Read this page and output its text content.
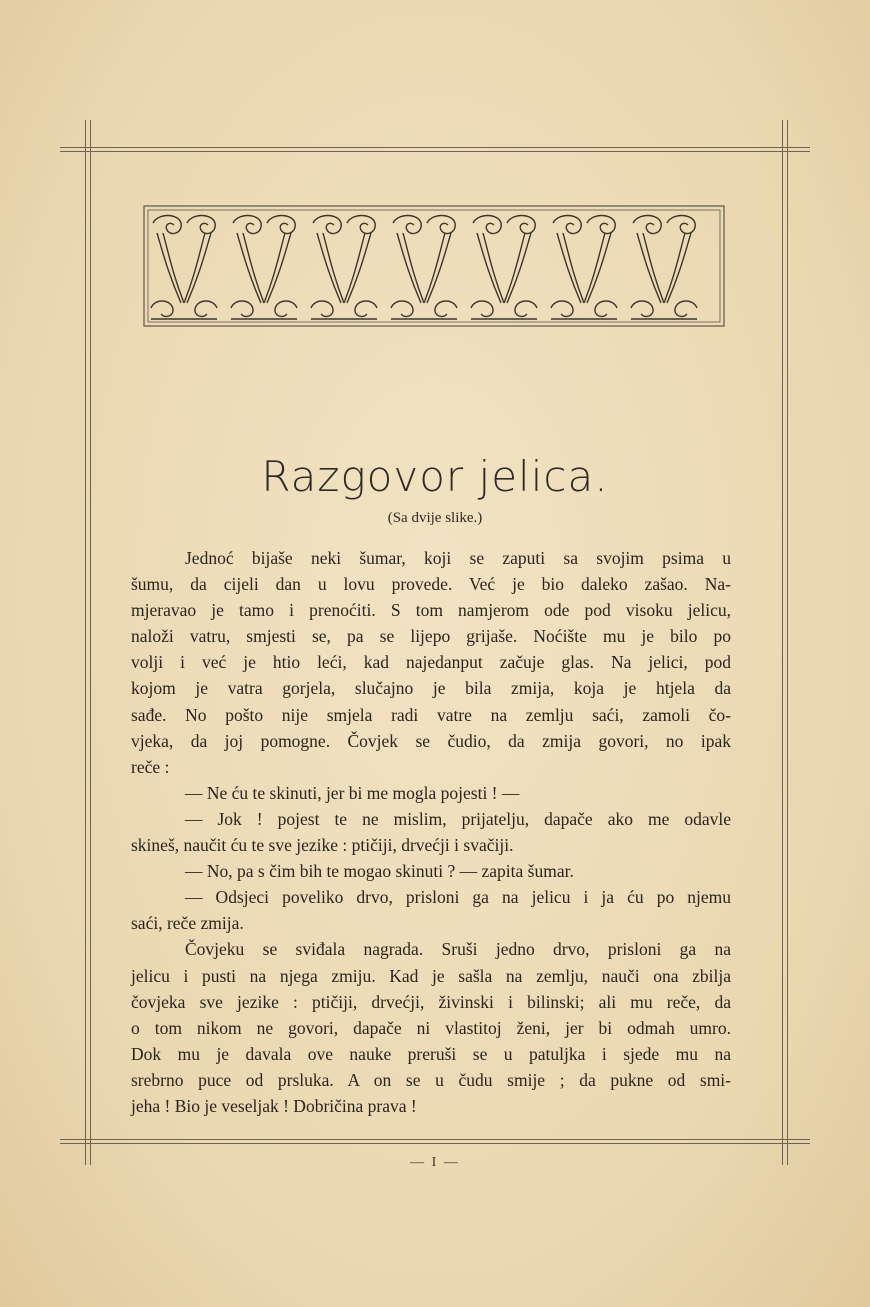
Razgovor jelica.
(Sa dvije slike.)
Jednoć bijaše neki šumar, koji se zaputi sa svojim psima u
šumu, da cijeli dan u lovu provede. Već je bio daleko zašao. Na-
mjeravao je tamo i prenoćiti. S tom namjerom ode pod visoku jelicu,
naloži vatru, smjesti se, pa se lijepo grijaše. Noćište mu je bilo po
volji i već je htio leći, kad najedanput začuje glas. Na jelici, pod
kojom je vatra gorjela, slučajno je bila zmija, koja je htjela da
sađe. No pošto nije smjela radi vatre na zemlju saći, zamoli čo-
vjeka, da joj pomogne. Čovjek se čudio, da zmija govori, no ipak
reče :
— Ne ću te skinuti, jer bi me mogla pojesti ! —
— Jok ! pojest te ne mislim, prijatelju, dapače ako me odavle
skineš, naučit ću te sve jezike : ptičiji, drvećji i svačiji.
— No, pa s čim bih te mogao skinuti ? — zapita šumar.
— Odsjeci poveliko drvo, prisloni ga na jelicu i ja ću po njemu
saći, reče zmija.
Čovjeku se sviđala nagrada. Sruši jedno drvo, prisloni ga na
jelicu i pusti na njega zmiju. Kad je sašla na zemlju, nauči ona zbilja
čovjeka sve jezike : ptičiji, drvećji, živinski i bilinski; ali mu reče, da
o tom nikom ne govori, dapače ni vlastitoj ženi, jer bi odmah umro.
Dok mu je davala ove nauke preruši se u patuljka i sjede mu na
srebrno puce od prsluka. A on se u čudu smije ; da pukne od smi-
jeha ! Bio je veseljak ! Dobričina prava !
— I —
